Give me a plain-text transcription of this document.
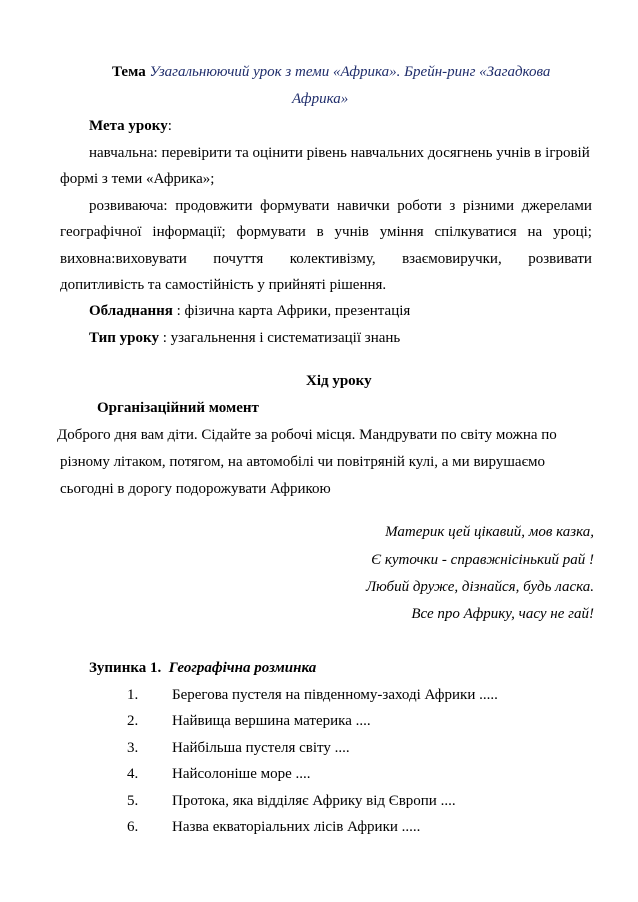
Тема Узагальнюючий урок з теми «Африка». Брейн-ринг «Загадкова
Африка»
Мета уроку:
навчальна: перевірити та оцінити рівень навчальних досягнень учнів в ігровій
формі з теми «Африка»;
розвиваюча: продовжити формувати навички роботи з різними джерелами
географічної інформації; формувати в учнів уміння спілкуватися на уроці;
виховна:виховувати почуття колективізму, взаємовиручки, розвивати
допитливість та самостійність у прийняті рішення.
Обладнання : фізична карта Африки, презентація
Тип уроку : узагальнення і систематизації знань
Хід уроку
Організаційний момент
Доброго дня вам діти. Сідайте за робочі місця. Мандрувати по світу можна по
різному літаком, потягом, на автомобілі чи повітряній кулі, а ми вирушаємо
сьогодні в дорогу подорожувати Африкою
Материк цей цікавий, мов казка,
Є куточки - справжнісінький рай !
Любий друже, дізнайся, будь ласка.
Все про Африку, часу не гай!
Зупинка 1. Географічна розминка
1. Берегова пустеля на південному-заході Африки .....
2. Найвища вершина материка ....
3. Найбільша пустеля світу ....
4. Найсолоніше море ....
5. Протока, яка відділяє Африку від Європи ....
6. Назва екваторіальних лісів Африки .....
